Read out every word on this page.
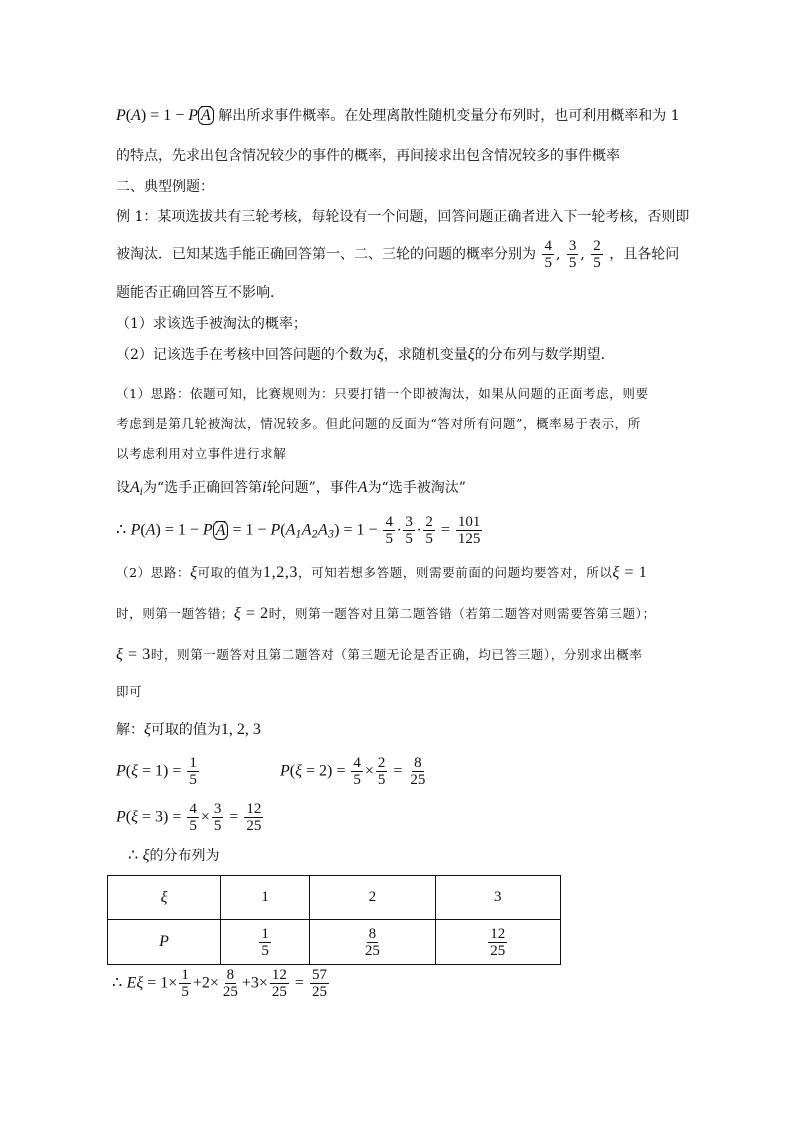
P(A) = 1 − P $\overline{A}$ 解出所求事件概率。在处理离散性随机变量分布列时，也可利用概率和为 1
的特点，先求出包含情况较少的事件的概率，再间接求出包含情况较多的事件概率
二、典型例题：
例 1：某项选拔共有三轮考核，每轮设有一个问题，回答问题正确者进入下一轮考核，否则即
被淘汰．已知某选手能正确回答第一、二、三轮的问题的概率分别为 $\frac{4}{5}$ , $\frac{3}{5}$ , $\frac{2}{5}$ ，且各轮问
题能否正确回答互不影响．
（1）求该选手被淘汰的概率；
（2）记该选手在考核中回答问题的个数为ξ，求随机变量ξ的分布列与数学期望．
（1）思路：依题可知，比赛规则为：只要打错一个即被淘汰，如果从问题的正面考虑，则要
考虑到是第几轮被淘汰，情况较多。但此问题的反面为“答对所有问题”，概率易于表示，所
以考虑利用对立事件进行求解
设$A_i$为“选手正确回答第i轮问题”，事件A为“选手被淘汰”
∴ P(A) = 1 − P $\overline{A} = 1 - P(A_1A_2A_3) = 1 - \frac{4}{5} \cdot \frac{3}{5} \cdot \frac{2}{5} = \frac{101}{125}$
（2）思路：ξ可取的值为1,2,3，可知若想多答题，则需要前面的问题均要答对，所以ξ = 1
时，则第一题答错；ξ = 2时，则第一题答对且第二题答错（若第二题答对则需要答第三题）；
ξ = 3时，则第一题答对且第二题答对（第三题无论是否正确，均已答三题），分别求出概率
即可
解：ξ可取的值为1, 2, 3
$P(\xi = 1) = \frac{1}{5}$	$P(\xi = 2) = \frac{4}{5} \times \frac{2}{5} = \frac{8}{25}$
$P(\xi = 3) = \frac{4}{5} \times \frac{3}{5} = \frac{12}{25}$
∴ ξ的分布列为
ξ	1	2	3
P	$\frac{1}{5}$	$\frac{8}{25}$	$\frac{12}{25}$
∴ $E\xi = 1\times \frac{1}{5} +2\times \frac{8}{25} +3\times \frac{12}{25} = \frac{57}{25}$
